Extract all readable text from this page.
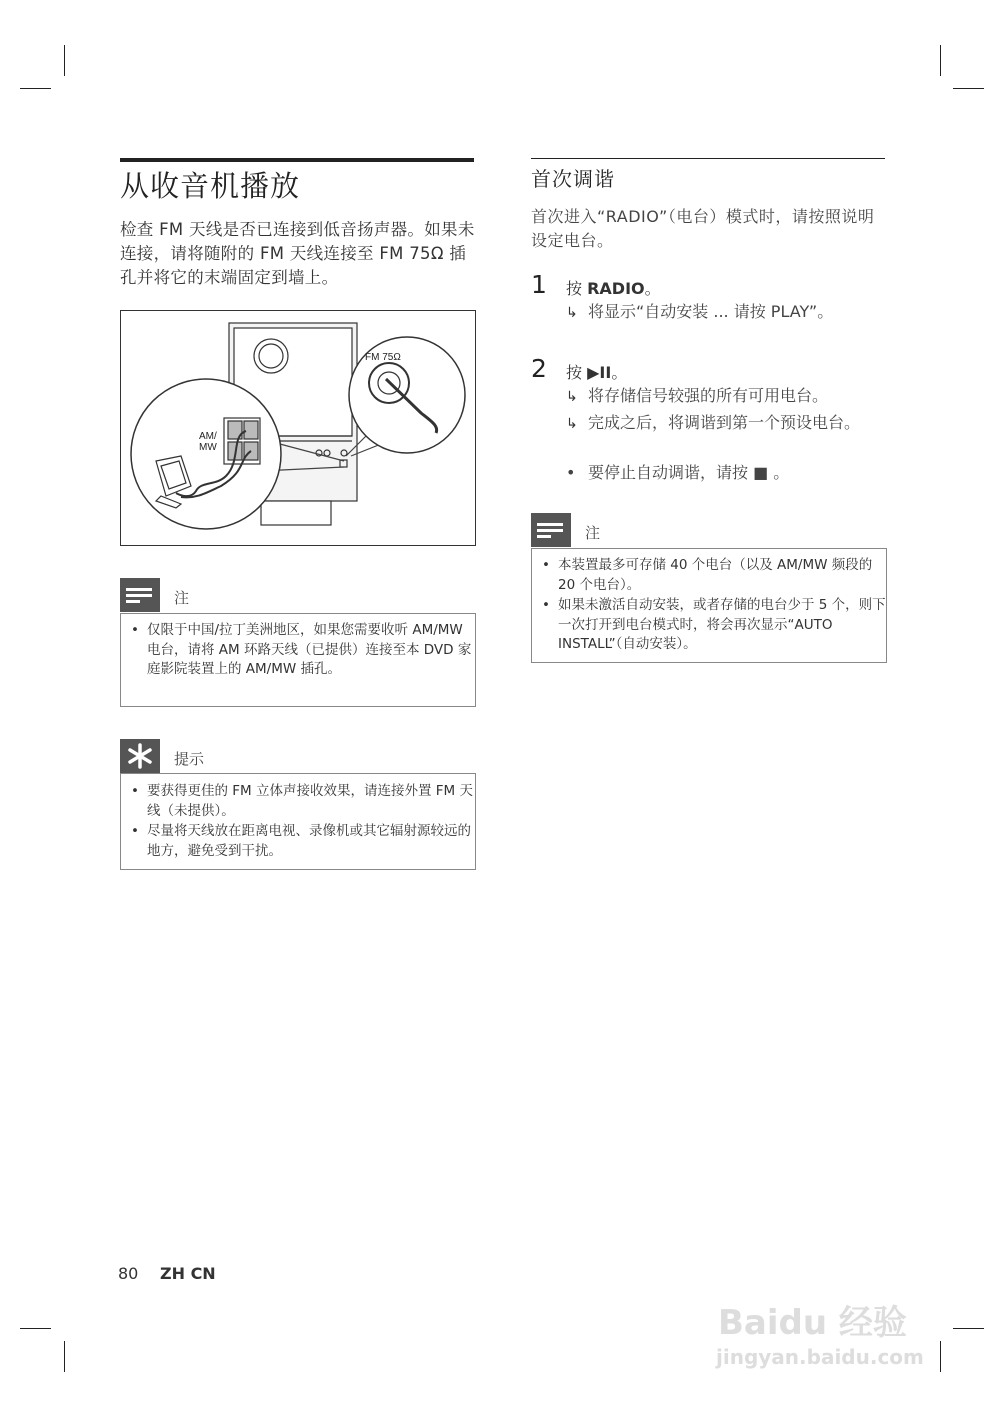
从收音机播放
检查 FM 天线是否已连接到低音扬声器。如果未连接，请将随附的 FM 天线连接至 FM 75Ω 插孔并将它的末端固定到墙上。
FM 75Ω
AM/
MW
注
• 仅限于中国/拉丁美洲地区，如果您需要收听 AM/MW 电台，请将 AM 环路天线（已提供）连接至本 DVD 家庭影院装置上的 AM/MW 插孔。
提示
• 要获得更佳的 FM 立体声接收效果，请连接外置 FM 天线（未提供）。
• 尽量将天线放在距离电视、录像机或其它辐射源较远的地方，避免受到干扰。
首次调谐
首次进入“RADIO”（电台）模式时，请按照说明设定电台。
1 按 RADIO。
↳ 将显示“自动安装 ... 请按 PLAY”。
2 按 ▶II。
↳ 将存储信号较强的所有可用电台。
↳ 完成之后，将调谐到第一个预设电台。
• 要停止自动调谐，请按 ■ 。
注
• 本装置最多可存储 40 个电台（以及 AM/MW 频段的 20 个电台）。
• 如果未激活自动安装，或者存储的电台少于 5 个，则下一次打开到电台模式时，将会再次显示“AUTO INSTALL”（自动安装）。
80 ZH CN
Baidu 经验
jingyan.baidu.com
